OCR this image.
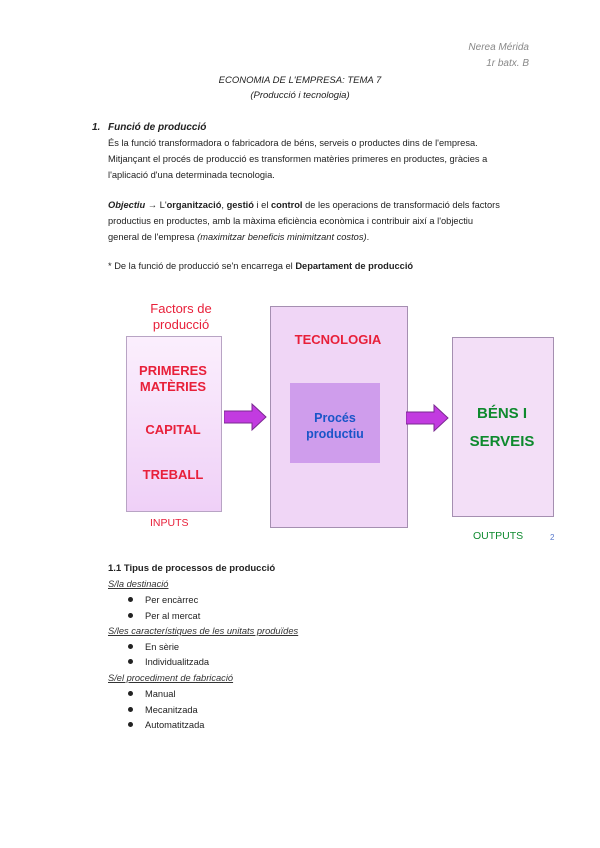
Nerea Mérida
1r batx. B
ECONOMIA DE L'EMPRESA: TEMA 7
(Producció i tecnologia)
1. Funció de producció
És la funció transformadora o fabricadora de béns, serveis o productes dins de l'empresa.
Mitjançant el procés de producció es transformen matèries primeres en productes, gràcies a
l'aplicació d'una determinada tecnologia.
Objectiu → L'organització, gestió i el control de les operacions de transformació dels factors
productius en productes, amb la màxima eficiència econòmica i contribuir així a l'objectiu
general de l'empresa (maximitzar beneficis minimitzant costos).
* De la funció de producció se'n encarrega el Departament de producció
Factors de
producció
PRIMERES
MATÈRIES
CAPITAL
TREBALL
INPUTS
TECNOLOGIA
Procés
productiu
BÉNS I
SERVEIS
OUTPUTS	2
1.1 Tipus de processos de producció
S/la destinació
Per encàrrec
Per al mercat
S/les característiques de les unitats produïdes
En sèrie
Individualitzada
S/el procediment de fabricació
Manual
Mecanitzada
Automatitzada
